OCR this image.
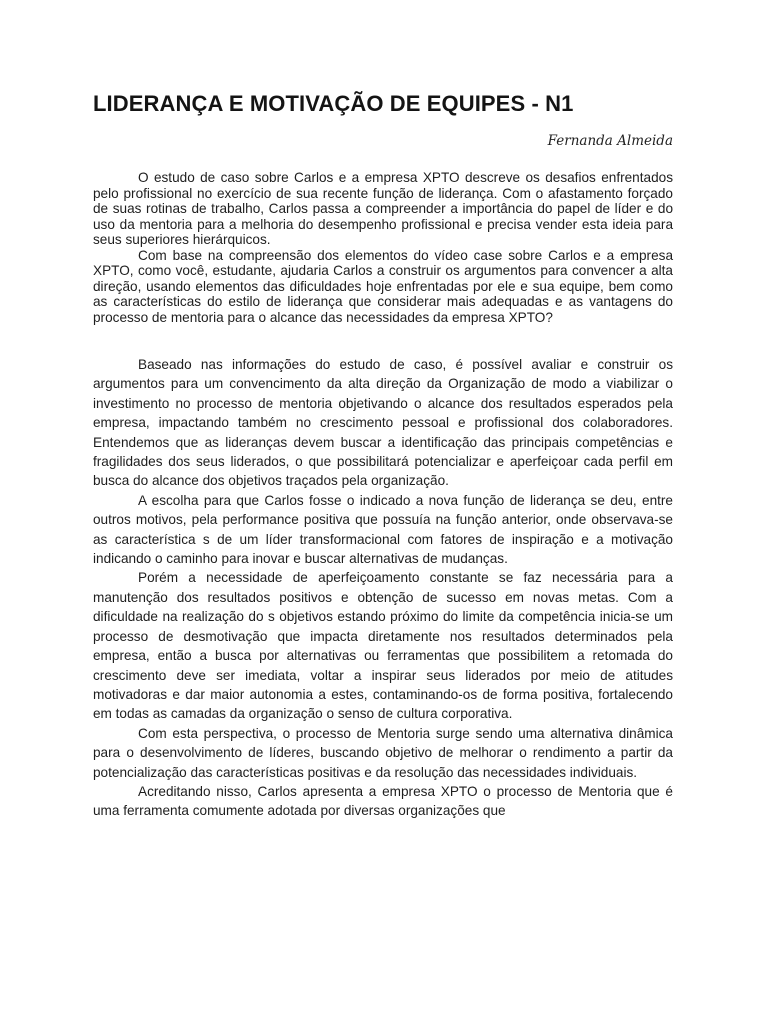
LIDERANÇA E MOTIVAÇÃO DE EQUIPES - N1
Fernanda Almeida

O estudo de caso sobre Carlos e a empresa XPTO descreve os desafios enfrentados pelo profissional no exercício de sua recente função de liderança. Com o afastamento forçado de suas rotinas de trabalho, Carlos passa a compreender a importância do papel de líder e do uso da mentoria para a melhoria do desempenho profissional e precisa vender esta ideia para seus superiores hierárquicos.

Com base na compreensão dos elementos do vídeo case sobre Carlos e a empresa XPTO, como você, estudante, ajudaria Carlos a construir os argumentos para convencer a alta direção, usando elementos das dificuldades hoje enfrentadas por ele e sua equipe, bem como as características do estilo de liderança que considerar mais adequadas e as vantagens do processo de mentoria para o alcance das necessidades da empresa XPTO?

Baseado nas informações do estudo de caso, é possível avaliar e construir os argumentos para um convencimento da alta direção da Organização de modo a viabilizar o investimento no processo de mentoria objetivando o alcance dos resultados esperados pela empresa, impactando também no crescimento pessoal e profissional dos colaboradores. Entendemos que as lideranças devem buscar a identificação das principais competências e fragilidades dos seus liderados, o que possibilitará potencializar e aperfeiçoar cada perfil em busca do alcance dos objetivos traçados pela organização.

A escolha para que Carlos fosse o indicado a nova função de liderança se deu, entre outros motivos, pela performance positiva que possuía na função anterior, onde observava-se as característica s de um líder transformacional com fatores de inspiração e a motivação indicando o caminho para inovar e buscar alternativas de mudanças.

Porém a necessidade de aperfeiçoamento constante se faz necessária para a manutenção dos resultados positivos e obtenção de sucesso em novas metas. Com a dificuldade na realização do s objetivos estando próximo do limite da competência inicia-se um processo de desmotivação que impacta diretamente nos resultados determinados pela empresa, então a busca por alternativas ou ferramentas que possibilitem a retomada do crescimento deve ser imediata, voltar a inspirar seus liderados por meio de atitudes motivadoras e dar maior autonomia a estes, contaminando-os de forma positiva, fortalecendo em todas as camadas da organização o senso de cultura corporativa.

Com esta perspectiva, o processo de Mentoria surge sendo uma alternativa dinâmica para o desenvolvimento de líderes, buscando objetivo de melhorar o rendimento a partir da potencialização das características positivas e da resolução das necessidades individuais.

Acreditando nisso, Carlos apresenta a empresa XPTO o processo de Mentoria que é uma ferramenta comumente adotada por diversas organizações que
